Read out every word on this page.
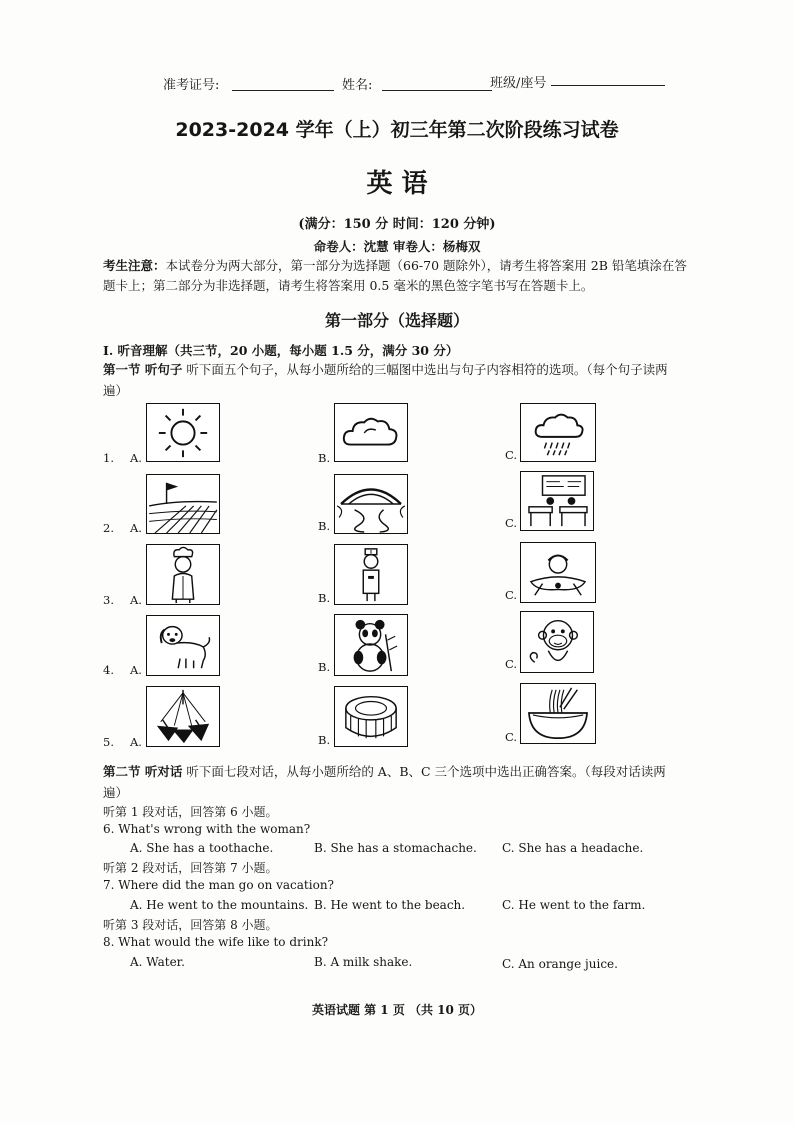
准考证号:	姓名:	班级/座号
2023-2024 学年（上）初三年第二次阶段练习试卷
英 语
(满分：150 分 时间：120 分钟)
命卷人：沈慧 审卷人：杨梅双
考生注意：本试卷分为两大部分，第一部分为选择题（66-70 题除外），请考生将答案用 2B 铅笔填涂在答
题卡上；第二部分为非选择题，请考生将答案用 0.5 毫米的黑色签字笔书写在答题卡上。
第一部分（选择题）
I. 听音理解（共三节，20 小题，每小题 1.5 分，满分 30 分）
第一节 听句子 听下面五个句子，从每小题所给的三幅图中选出与句子内容相符的选项。（每个句子读两
遍）
1. A.	B.	C.
2. A.	B.	C.
3. A.	B.	C.
4. A.	B.	C.
5. A.	B.	C.
第二节 听对话 听下面七段对话，从每小题所给的 A、B、C 三个选项中选出正确答案。（每段对话读两
遍）
听第 1 段对话，回答第 6 小题。
6. What's wrong with the woman?
A. She has a toothache.	B. She has a stomachache. C. She has a headache.
听第 2 段对话，回答第 7 小题。
7. Where did the man go on vacation?
A. He went to the mountains. B. He went to the beach.	C. He went to the farm.
听第 3 段对话，回答第 8 小题。
8. What would the wife like to drink?
A. Water.	B. A milk shake.	C. An orange juice.
英语试题 第 1 页 （共 10 页）
